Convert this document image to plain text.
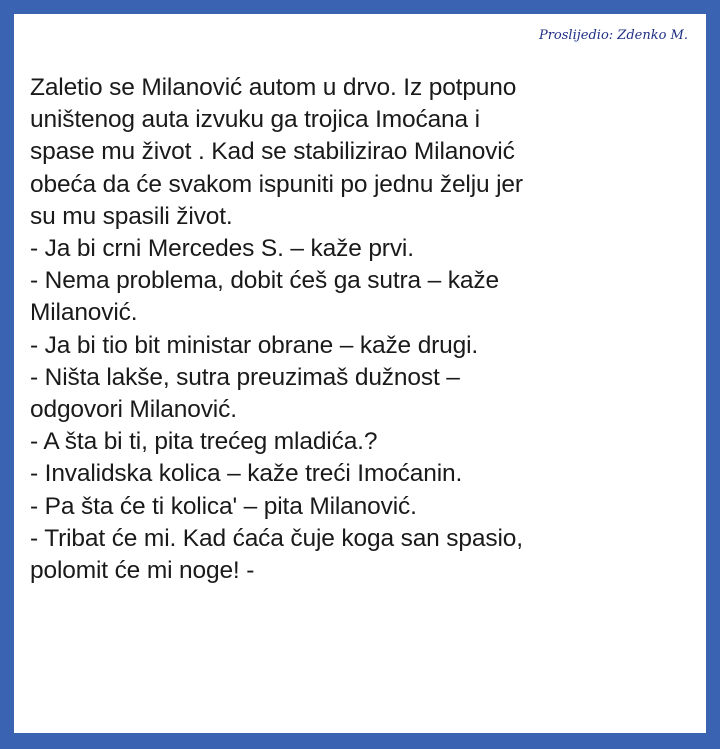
Proslijedio: Zdenko M.
Zaletio se Milanović autom u drvo. Iz potpuno
uništenog auta izvuku ga trojica Imoćana i
spase mu život . Kad se stabilizirao Milanović
obeća da će svakom ispuniti po jednu želju jer
su mu spasili život.
- Ja bi crni Mercedes S. – kaže prvi.
- Nema problema, dobit ćeš ga sutra – kaže
Milanović.
- Ja bi tio bit ministar obrane – kaže drugi.
- Ništa lakše, sutra preuzimaš dužnost –
odgovori Milanović.
- A šta bi ti, pita trećeg mladića.?
- Invalidska kolica – kaže treći Imoćanin.
- Pa šta će ti kolica' – pita Milanović.
- Tribat će mi. Kad ćaća čuje koga san spasio,
polomit će mi noge! -
